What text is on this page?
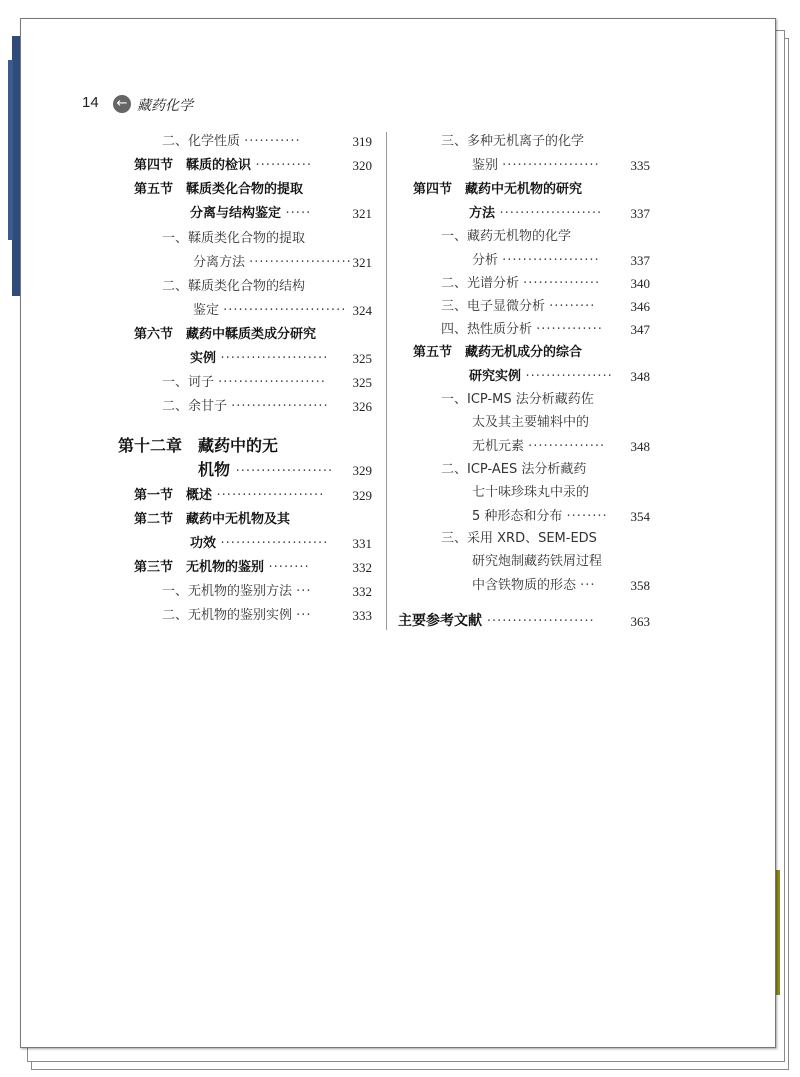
14 ← 藏药化学
二、化学性质 ···········	319
第四节　鞣质的检识 ···········	320
第五节　鞣质类化合物的提取
分离与结构鉴定 ·····	321
一、鞣质类化合物的提取
分离方法 ···················· 321
二、鞣质类化合物的结构
鉴定 ························ 324
第六节　藏药中鞣质类成分研究
实例 ·····················	325
一、诃子 ·····················	325
二、余甘子 ···················	326
第十二章　藏药中的无
机物 ···················	329
第一节　概述 ·····················	329
第二节　藏药中无机物及其
功效 ·····················	331
第三节　无机物的鉴别 ········	332
一、无机物的鉴别方法 ···	332
二、无机物的鉴别实例 ···	333
三、多种无机离子的化学
鉴别 ···················	335
第四节　藏药中无机物的研究
方法 ····················	337
一、藏药无机物的化学
分析 ···················	337
二、光谱分析 ···············	340
三、电子显微分析 ·········	346
四、热性质分析 ·············	347
第五节　藏药无机成分的综合
研究实例 ·················	348
一、ICP-MS 法分析藏药佐
太及其主要辅料中的
无机元素 ···············	348
二、ICP-AES 法分析藏药
七十味珍珠丸中汞的
5 种形态和分布 ········	354
三、采用 XRD、SEM-EDS
研究炮制藏药铁屑过程
中含铁物质的形态 ···	358
主要参考文献 ·····················	363
